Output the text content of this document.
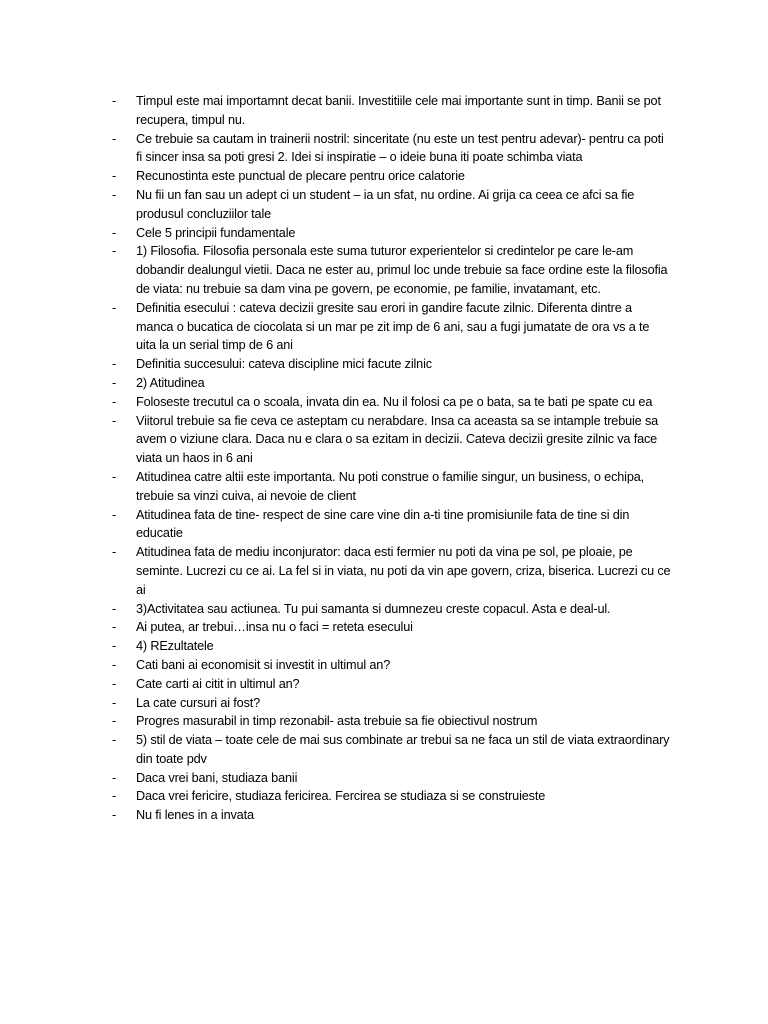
-	Timpul este mai importamnt decat banii. Investitiile cele mai importante sunt in timp. Banii se pot recupera, timpul nu.
-	Ce trebuie sa cautam in trainerii nostril: sinceritate (nu este un test pentru adevar)- pentru ca poti fi sincer insa sa poti gresi 2. Idei si inspiratie – o ideie buna iti poate schimba viata
-	Recunostinta este punctual de plecare pentru orice calatorie
-	Nu fii un fan sau un adept ci un student – ia un sfat, nu ordine. Ai grija ca ceea ce afci sa fie produsul concluziilor tale
-	Cele 5 principii fundamentale
-	1) Filosofia. Filosofia personala este suma tuturor experientelor si credintelor pe care le-am dobandir dealungul vietii. Daca ne ester au, primul loc unde trebuie sa face ordine este la filosofia de viata: nu trebuie sa dam vina pe govern, pe economie, pe familie, invatamant, etc.
-	Definitia esecului : cateva decizii gresite sau erori in gandire facute zilnic. Diferenta dintre a manca o bucatica de ciocolata si un mar pe zit imp de 6 ani, sau a fugi jumatate de ora vs a te uita la un serial timp de 6 ani
-	Definitia succesului: cateva discipline mici facute zilnic
-	2) Atitudinea
-	Foloseste trecutul ca o scoala, invata din ea. Nu il folosi ca pe o bata, sa te bati pe spate cu ea
-	Viitorul trebuie sa fie ceva ce asteptam cu nerabdare. Insa ca aceasta sa se intample trebuie sa avem o viziune clara. Daca nu e clara o sa ezitam in decizii. Cateva decizii gresite zilnic va face viata un haos in 6 ani
-	Atitudinea catre altii este importanta. Nu poti construe o familie singur, un business, o echipa, trebuie sa vinzi cuiva, ai nevoie de client
-	Atitudinea fata de tine- respect de sine care vine din a-ti tine promisiunile fata de tine si din educatie
-	Atitudinea fata de mediu inconjurator: daca esti fermier nu poti da vina pe sol, pe ploaie, pe seminte. Lucrezi cu ce ai. La fel si in viata, nu poti da vin ape govern, criza, biserica. Lucrezi cu ce ai
-	3)Activitatea sau actiunea. Tu pui samanta si dumnezeu creste copacul. Asta e deal-ul.
-	Ai putea, ar trebui…insa nu o faci = reteta esecului
-	4) REzultatele
-	Cati bani ai economisit si investit in ultimul an?
-	Cate carti ai citit in ultimul an?
-	La cate cursuri ai fost?
-	Progres masurabil in timp rezonabil- asta trebuie sa fie obiectivul nostrum
-	5) stil de viata – toate cele de mai sus combinate ar trebui sa ne faca un stil de viata extraordinary din toate pdv
-	Daca vrei bani, studiaza banii
-	Daca vrei fericire, studiaza fericirea. Fercirea se studiaza si se construieste
-	Nu fi lenes in a invata
